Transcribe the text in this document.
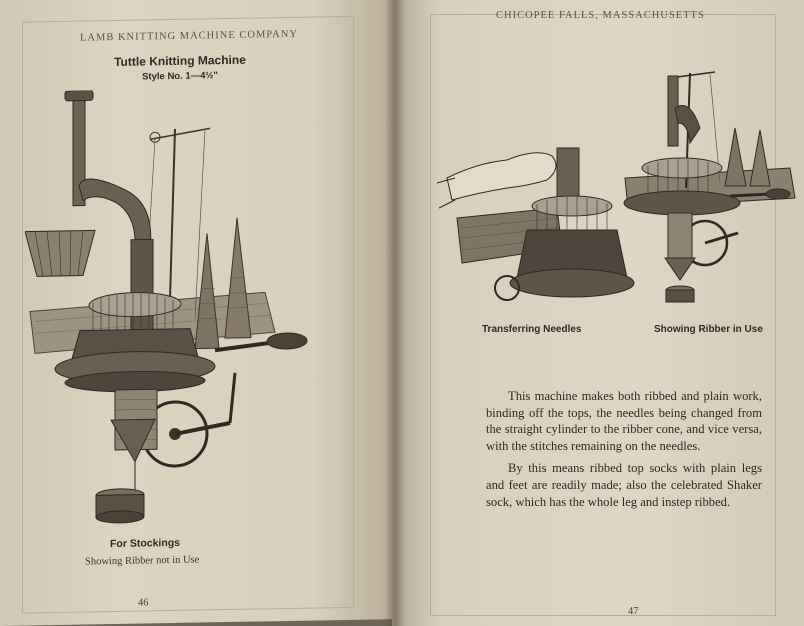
LAMB KNITTING MACHINE COMPANY
Tuttle Knitting Machine
Style No. 1—4½"
For Stockings
Showing Ribber not in Use
46
CHICOPEE FALLS, MASSACHUSETTS
Transferring Needles	Showing Ribber in Use

This machine makes both ribbed and plain work, binding off the tops, the needles being changed from the straight cylinder to the ribber cone, and vice versa, with the stitches remaining on the needles.

By this means ribbed top socks with plain legs and feet are readily made; also the celebrated Shaker sock, which has the whole leg and instep ribbed.

47
